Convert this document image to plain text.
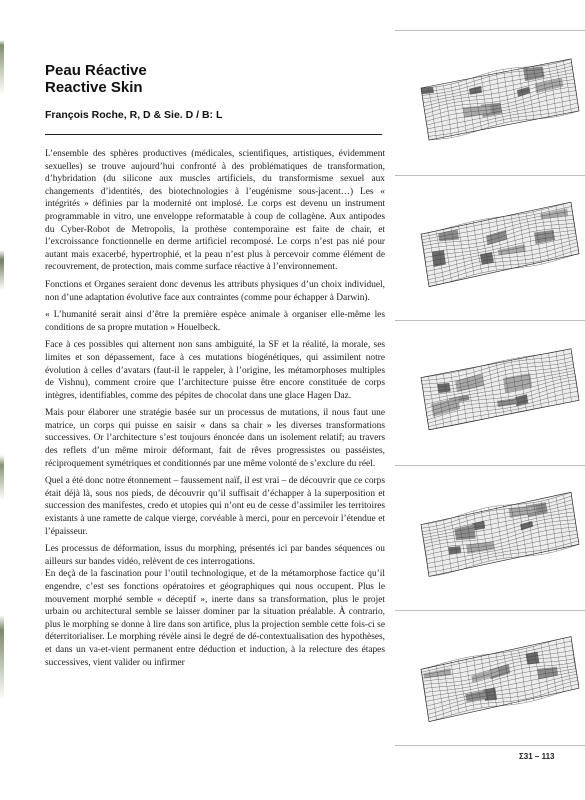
Peau Réactive
Reactive Skin
François Roche, R, D & Sie. D / B: L

L’ensemble des sphères productives (médicales, scientifiques, artistiques, évidemment sexuelles) se trouve aujourd’hui confronté à des problématiques de transformation, d’hybridation (du silicone aux muscles artificiels, du transformisme sexuel aux changements d’identités, des biotechnologies à l’eugénisme sous-jacent…) Les « intégrités » définies par la modernité ont implosé. Le corps est devenu un instrument programmable in vitro, une enveloppe reformatable à coup de collagène. Aux antipodes du Cyber-Robot de Metropolis, la prothèse contemporaine est faite de chair, et l’excroissance fonctionnelle en derme artificiel recomposé. Le corps n’est pas nié pour autant mais exacerbé, hypertrophié, et la peau n’est plus à percevoir comme élément de recouvrement, de protection, mais comme surface réactive à l’environnement.

Fonctions et Organes seraient donc devenus les attributs physiques d’un choix individuel, non d’une adaptation évolutive face aux contraintes (comme pour échapper à Darwin).

« L’humanité serait ainsi d’être la première espèce animale à organiser elle-même les conditions de sa propre mutation » Houelbeck.

Face à ces possibles qui alternent non sans ambiguité, la SF et la réalité, la morale, ses limites et son dépassement, face à ces mutations biogénétiques, qui assimilent notre évolution à celles d’avatars (faut-il le rappeler, à l’origine, les métamorphoses multiples de Vishnu), comment croire que l’architecture puisse être encore constituée de corps intègres, identifiables, comme des pépites de chocolat dans une glace Hagen Daz.

Mais pour élaborer une stratégie basée sur un processus de mutations, il nous faut une matrice, un corps qui puisse en saisir « dans sa chair » les diverses transformations successives. Or l’architecture s’est toujours énoncée dans un isolement relatif; au travers des reflets d’un même miroir déformant, fait de rêves progressistes ou passéistes, réciproquement symétriques et conditionnés par une même volonté de s’exclure du réel.

Quel a été donc notre étonnement – faussement naïf, il est vrai – de découvrir que ce corps était déjà là, sous nos pieds, de découvrir qu’il suffisait d’échapper à la superposition et succession des manifestes, credo et utopies qui n’ont eu de cesse d’assimiler les territoires existants à une ramette de calque vierge, corvéable à merci, pour en percevoir l’étendue et l’épaisseur.

Les processus de déformation, issus du morphing, présentés ici par bandes séquences ou ailleurs sur bandes vidéo, relèvent de ces interrogations.

En deçà de la fascination pour l’outil technologique, et de la métamorphose factice qu’il engendre, c’est ses fonctions opératoires et géographiques qui nous occupent. Plus le mouvement morphé semble « déceptif », inerte dans sa transformation, plus le projet urbain ou architectural semble se laisser dominer par la situation préalable. À contrario, plus le morphing se donne à lire dans son artifice, plus la projection semble cette fois-ci se déterritorialiser. Le morphing révèle ainsi le degré de dé-contextualisation des hypothèses, et dans un va-et-vient permanent entre déduction et induction, à la relecture des étapes successives, vient valider ou infirmer

Σ31 – 113
